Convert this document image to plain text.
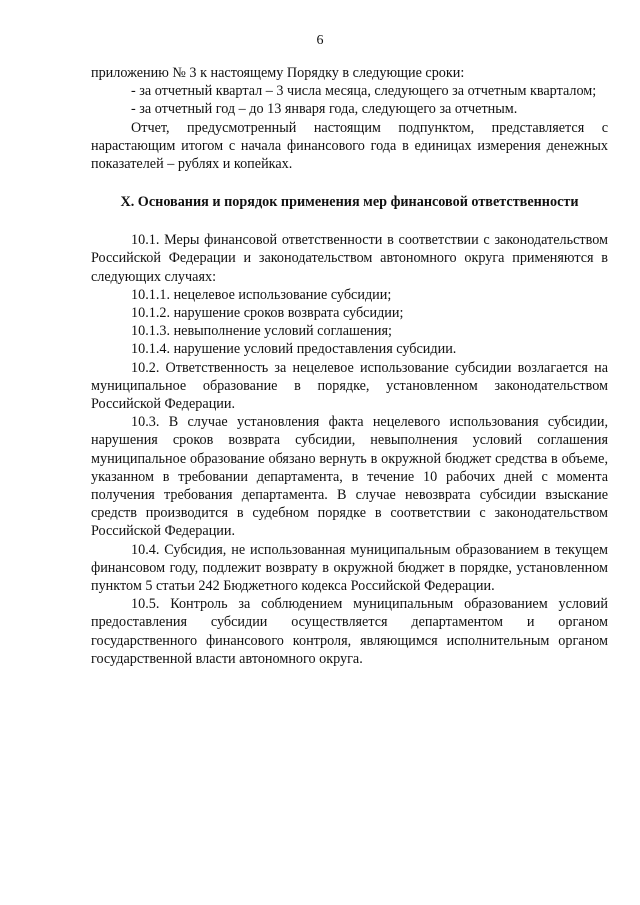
6

приложению № 3 к настоящему Порядку в следующие сроки:

- за отчетный квартал – 3 числа месяца, следующего за отчетным кварталом;

- за отчетный год – до 13 января года, следующего за отчетным.

Отчет, предусмотренный настоящим подпунктом, представляется с нарастающим итогом с начала финансового года в единицах измерения денежных показателей – рублях и копейках.

X. Основания и порядок применения мер финансовой ответственности

10.1. Меры финансовой ответственности в соответствии с законодательством Российской Федерации и законодательством автономного округа применяются в следующих случаях:

10.1.1. нецелевое использование субсидии;

10.1.2. нарушение сроков возврата субсидии;

10.1.3. невыполнение условий соглашения;

10.1.4. нарушение условий предоставления субсидии.

10.2. Ответственность за нецелевое использование субсидии возлагается на муниципальное образование в порядке, установленном законодательством Российской Федерации.

10.3. В случае установления факта нецелевого использования субсидии, нарушения сроков возврата субсидии, невыполнения условий соглашения муниципальное образование обязано вернуть в окружной бюджет средства в объеме, указанном в требовании департамента, в течение 10 рабочих дней с момента получения требования департамента. В случае невозврата субсидии взыскание средств производится в судебном порядке в соответствии с законодательством Российской Федерации.

10.4. Субсидия, не использованная муниципальным образованием в текущем финансовом году, подлежит возврату в окружной бюджет в порядке, установленном пунктом 5 статьи 242 Бюджетного кодекса Российской Федерации.

10.5. Контроль за соблюдением муниципальным образованием условий предоставления субсидии осуществляется департаментом и органом государственного финансового контроля, являющимся исполнительным органом государственной власти автономного округа.
